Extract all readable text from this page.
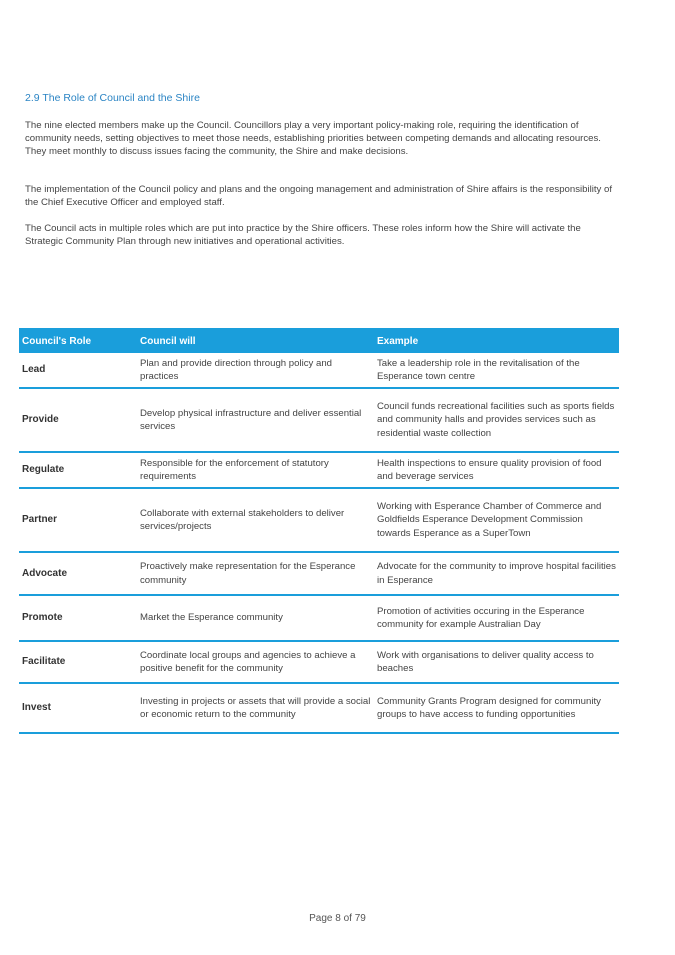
2.9 The Role of Council and the Shire

The nine elected members make up the Council. Councillors play a very important policy-making role, requiring the identification of community needs, setting objectives to meet those needs, establishing priorities between competing demands and allocating resources. They meet monthly to discuss issues facing the community, the Shire and make decisions.

The implementation of the Council policy and plans and the ongoing management and administration of Shire affairs is the responsibility of the Chief Executive Officer and employed staff.

The Council acts in multiple roles which are put into practice by the Shire officers. These roles inform how the Shire will activate the Strategic Community Plan through new initiatives and operational activities.

Council's Role	Council will	Example
Lead	Plan and provide direction through policy and practices	Take a leadership role in the revitalisation of the Esperance town centre
Provide	Develop physical infrastructure and deliver essential services	Council funds recreational facilities such as sports fields and community halls and provides services such as residential waste collection
Regulate	Responsible for the enforcement of statutory requirements	Health inspections to ensure quality provision of food and beverage services
Partner	Collaborate with external stakeholders to deliver services/projects	Working with Esperance Chamber of Commerce and Goldfields Esperance Development Commission towards Esperance as a SuperTown
Advocate	Proactively make representation for the Esperance community	Advocate for the community to improve hospital facilities in Esperance
Promote	Market the Esperance community	Promotion of activities occuring in the Esperance community for example Australian Day
Facilitate	Coordinate local groups and agencies to achieve a positive benefit for the community	Work with organisations to deliver quality access to beaches
Invest	Investing in projects or assets that will provide a social or economic return to the community	Community Grants Program designed for community groups to have access to funding opportunities
Page 8 of 79
